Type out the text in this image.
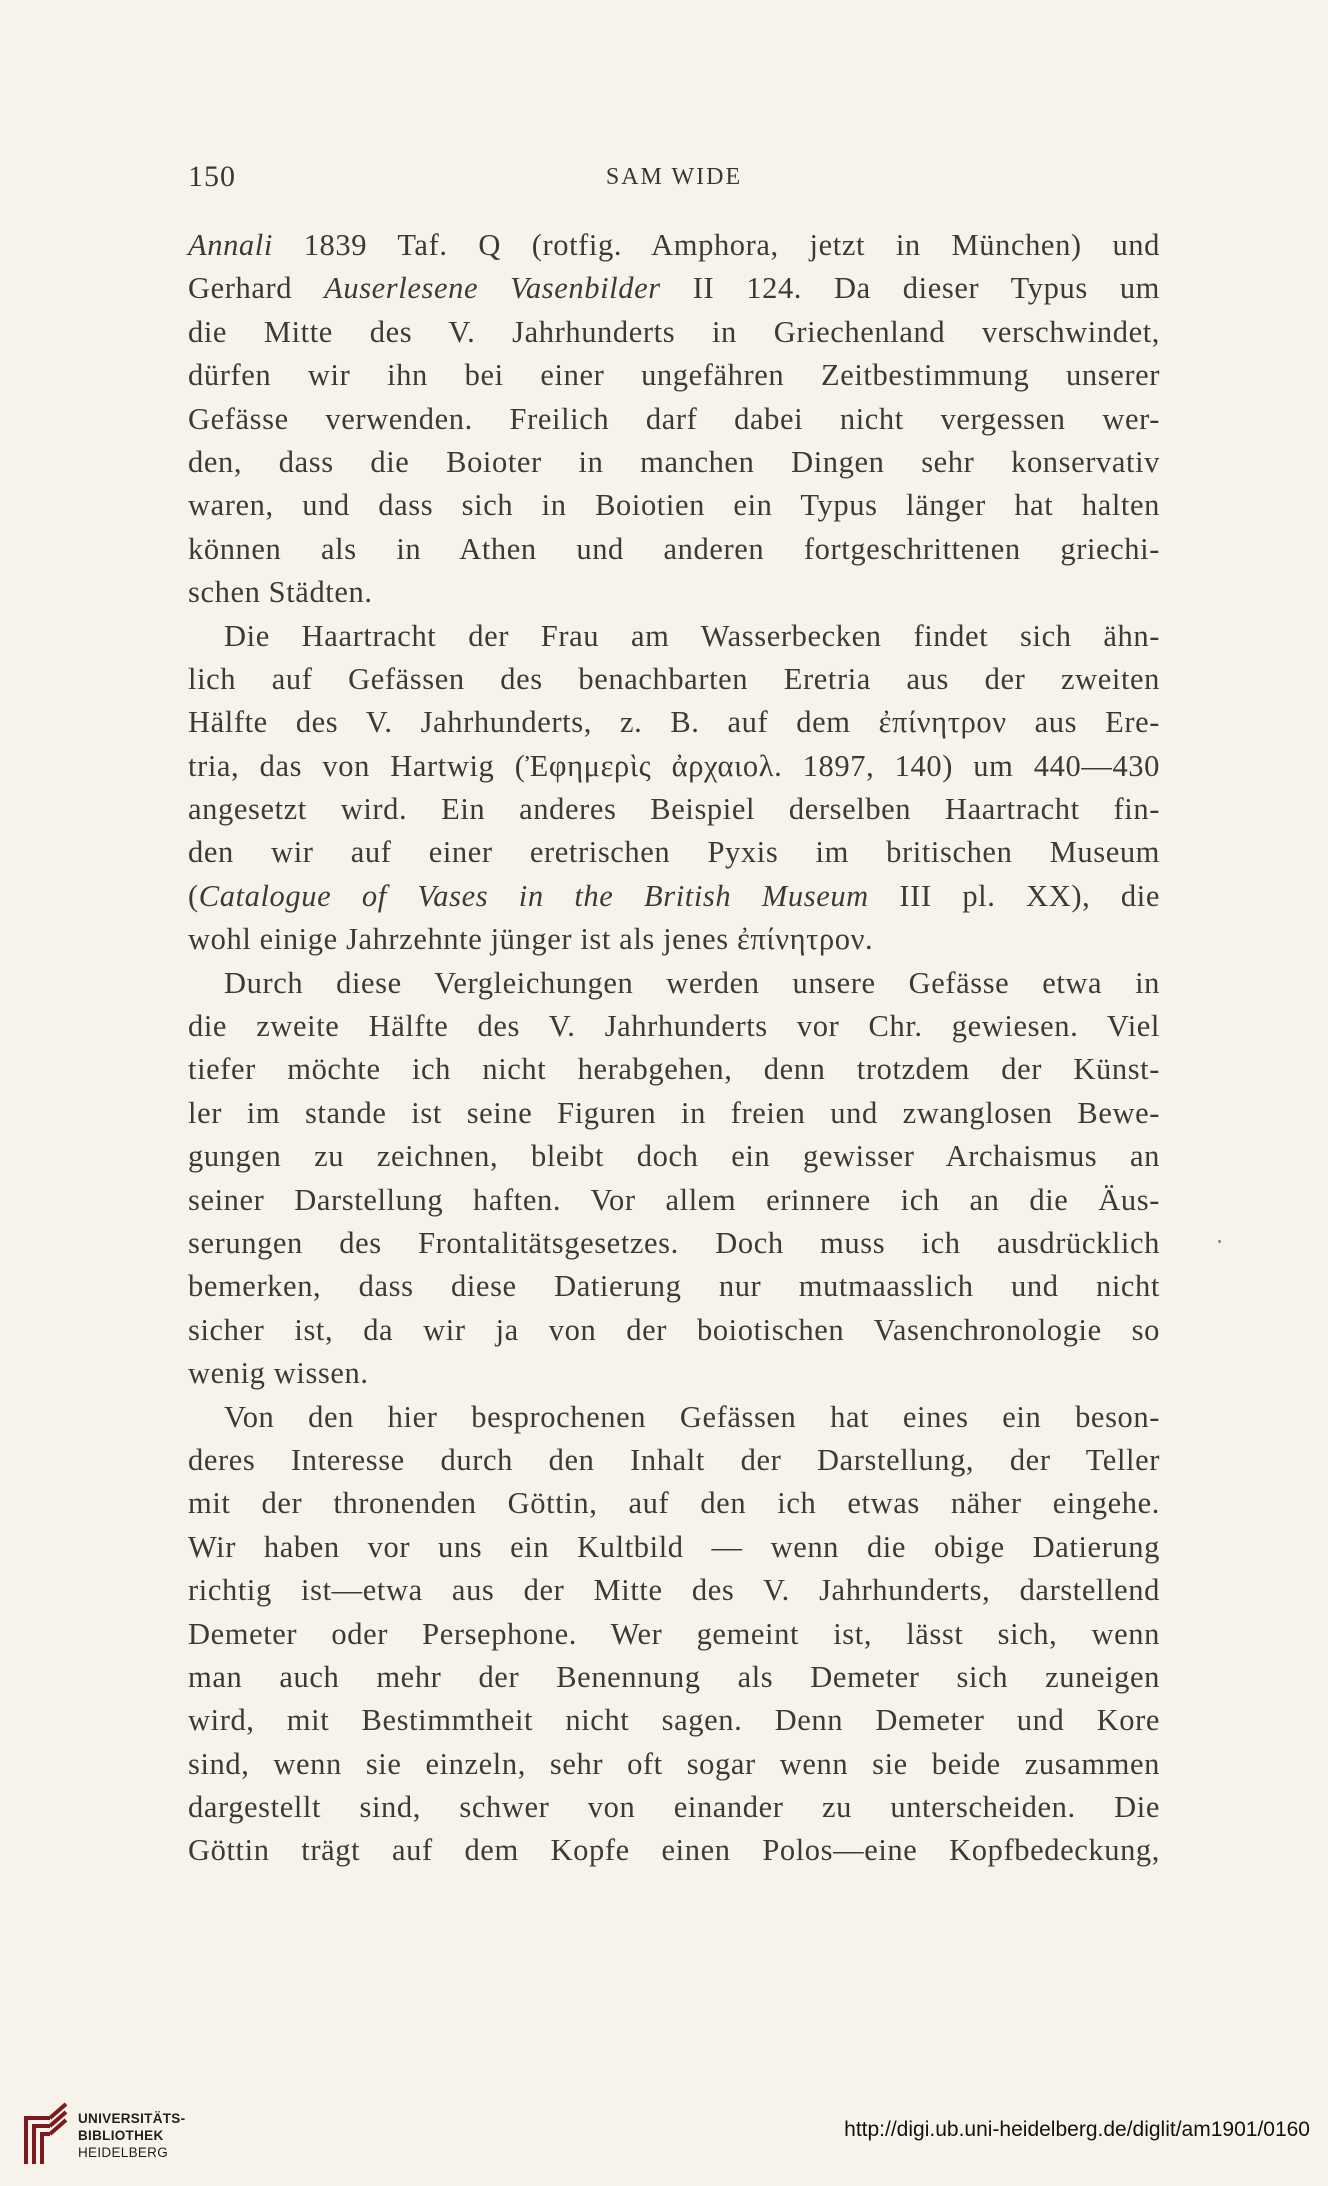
150	SAM WIDE
Annali 1839 Taf. Q (rotfig. Amphora, jetzt in München) und
Gerhard Auserlesene Vasenbilder II 124. Da dieser Typus um
die Mitte des V. Jahrhunderts in Griechenland verschwindet,
dürfen wir ihn bei einer ungefähren Zeitbestimmung unserer
Gefässe verwenden. Freilich darf dabei nicht vergessen wer-
den, dass die Boioter in manchen Dingen sehr konservativ
waren, und dass sich in Boiotien ein Typus länger hat halten
können als in Athen und anderen fortgeschrittenen griechi-
schen Städten.
Die Haartracht der Frau am Wasserbecken findet sich ähn-
lich auf Gefässen des benachbarten Eretria aus der zweiten
Hälfte des V. Jahrhunderts, z. B. auf dem ἐπίνητρον aus Ere-
tria, das von Hartwig (Ἐφημερὶς ἀρχαιολ. 1897, 140) um 440—430
angesetzt wird. Ein anderes Beispiel derselben Haartracht fin-
den wir auf einer eretrischen Pyxis im britischen Museum
(Catalogue of Vases in the British Museum III pl. XX), die
wohl einige Jahrzehnte jünger ist als jenes ἐπίνητρον.
Durch diese Vergleichungen werden unsere Gefässe etwa in
die zweite Hälfte des V. Jahrhunderts vor Chr. gewiesen. Viel
tiefer möchte ich nicht herabgehen, denn trotzdem der Künst-
ler im stande ist seine Figuren in freien und zwanglosen Bewe-
gungen zu zeichnen, bleibt doch ein gewisser Archaismus an
seiner Darstellung haften. Vor allem erinnere ich an die Äus-
serungen des Frontalitätsgesetzes. Doch muss ich ausdrücklich
bemerken, dass diese Datierung nur mutmaasslich und nicht
sicher ist, da wir ja von der boiotischen Vasenchronologie so
wenig wissen.
Von den hier besprochenen Gefässen hat eines ein beson-
deres Interesse durch den Inhalt der Darstellung, der Teller
mit der thronenden Göttin, auf den ich etwas näher eingehe.
Wir haben vor uns ein Kultbild — wenn die obige Datierung
richtig ist—etwa aus der Mitte des V. Jahrhunderts, darstellend
Demeter oder Persephone. Wer gemeint ist, lässt sich, wenn
man auch mehr der Benennung als Demeter sich zuneigen
wird, mit Bestimmtheit nicht sagen. Denn Demeter und Kore
sind, wenn sie einzeln, sehr oft sogar wenn sie beide zusammen
dargestellt sind, schwer von einander zu unterscheiden. Die
Göttin trägt auf dem Kopfe einen Polos—eine Kopfbedeckung,
UNIVERSITÄTS-
BIBLIOTHEK
HEIDELBERG
http://digi.ub.uni-heidelberg.de/diglit/am1901/0160
